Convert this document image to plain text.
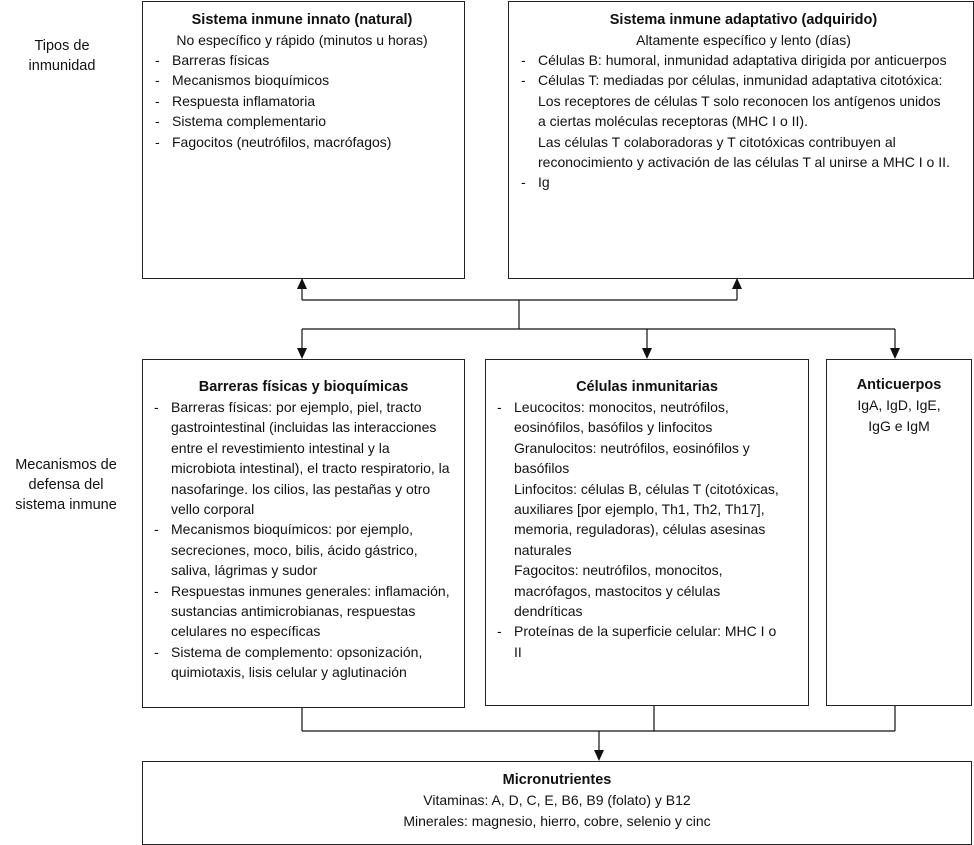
Tipos de inmunidad
Mecanismos de defensa del sistema inmune
Sistema inmune innato (natural)
No específico y rápido (minutos u horas)
- Barreras físicas
- Mecanismos bioquímicos
- Respuesta inflamatoria
- Sistema complementario
- Fagocitos (neutrófilos, macrófagos)
Sistema inmune adaptativo (adquirido)
Altamente específico y lento (días)
- Células B: humoral, inmunidad adaptativa dirigida por anticuerpos
- Células T: mediadas por células, inmunidad adaptativa citotóxica:
Los receptores de células T solo reconocen los antígenos unidos a ciertas moléculas receptoras (MHC I o II).
Las células T colaboradoras y T citotóxicas contribuyen al reconocimiento y activación de las células T al unirse a MHC I o II.
- Ig
Barreras físicas y bioquímicas
- Barreras físicas: por ejemplo, piel, tracto gastrointestinal (incluidas las interacciones entre el revestimiento intestinal y la microbiota intestinal), el tracto respiratorio, la nasofaringe. los cilios, las pestañas y otro vello corporal
- Mecanismos bioquímicos: por ejemplo, secreciones, moco, bilis, ácido gástrico, saliva, lágrimas y sudor
- Respuestas inmunes generales: inflamación, sustancias antimicrobianas, respuestas celulares no específicas
- Sistema de complemento: opsonización, quimiotaxis, lisis celular y aglutinación
Células inmunitarias
- Leucocitos: monocitos, neutrófilos, eosinófilos, basófilos y linfocitos
Granulocitos: neutrófilos, eosinófilos y basófilos
Linfocitos: células B, células T (citotóxicas, auxiliares [por ejemplo, Th1, Th2, Th17], memoria, reguladoras), células asesinas naturales
Fagocitos: neutrófilos, monocitos, macrófagos, mastocitos y células dendríticas
- Proteínas de la superficie celular: MHC I o II
Anticuerpos
IgA, IgD, IgE, IgG e IgM
Micronutrientes
Vitaminas: A, D, C, E, B6, B9 (folato) y B12
Minerales: magnesio, hierro, cobre, selenio y cinc
